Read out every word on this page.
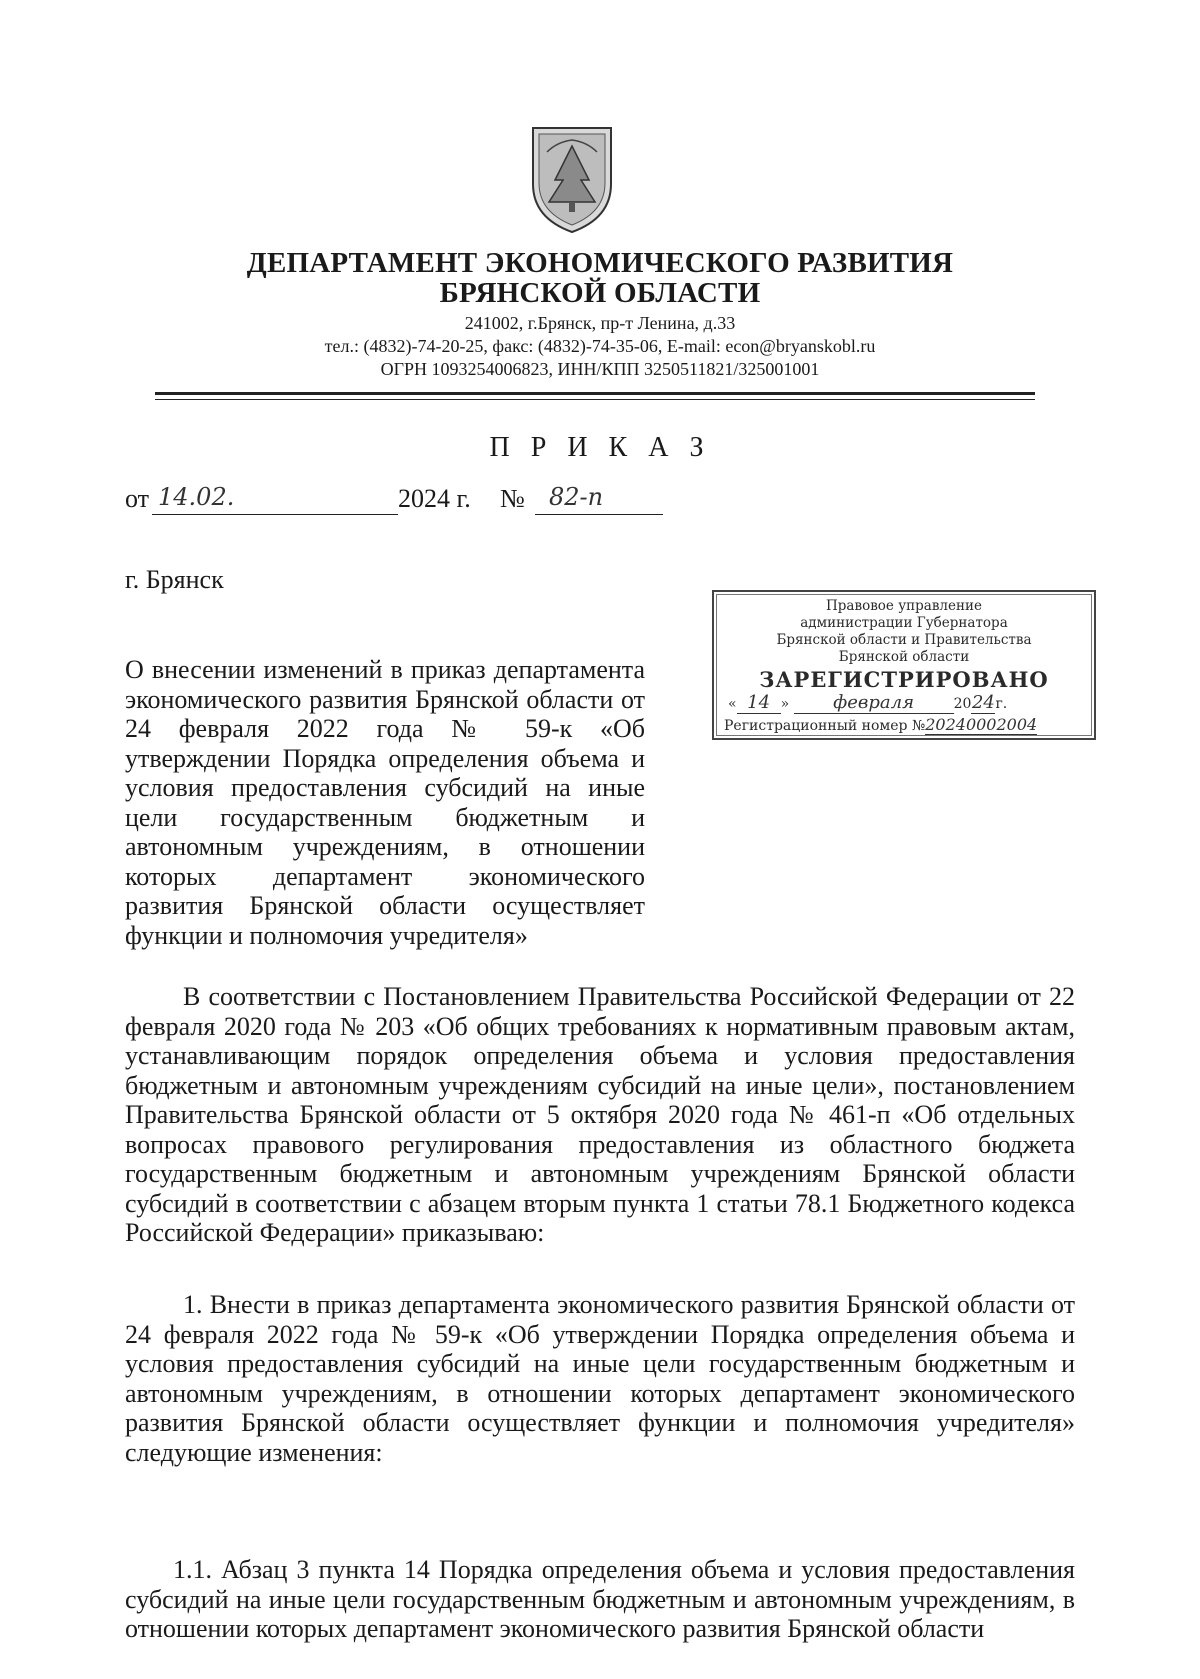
ДЕПАРТАМЕНТ ЭКОНОМИЧЕСКОГО РАЗВИТИЯ
БРЯНСКОЙ ОБЛАСТИ
241002, г.Брянск, пр-т Ленина, д.33
тел.: (4832)-74-20-25, факс: (4832)-74-35-06, E-mail: econ@bryanskobl.ru
ОГРН 1093254006823, ИНН/КПП 3250511821/325001001
П Р И К А З
от 14.02.	2024 г. № 82-п
г. Брянск
Правовое управление
администрации Губернатора
Брянской области и Правительства
Брянской области
ЗАРЕГИСТРИРОВАНО
« 14 » февраля	2024г.
Регистрационный номер №20240002004
О внесении изменений в приказ департамента экономического развития Брянской области от 24 февраля 2022 года № 59-к «Об утверждении Порядка определения объема и условия предоставления субсидий на иные цели государственным бюджетным и автономным учреждениям, в отношении которых департамент экономического развития Брянской области осуществляет функции и полномочия учредителя»
В соответствии с Постановлением Правительства Российской Федерации от 22 февраля 2020 года № 203 «Об общих требованиях к нормативным правовым актам, устанавливающим порядок определения объема и условия предоставления бюджетным и автономным учреждениям субсидий на иные цели», постановлением Правительства Брянской области от 5 октября 2020 года № 461-п «Об отдельных вопросах правового регулирования предоставления из областного бюджета государственным бюджетным и автономным учреждениям Брянской области субсидий в соответствии с абзацем вторым пункта 1 статьи 78.1 Бюджетного кодекса Российской Федерации» приказываю:
1. Внести в приказ департамента экономического развития Брянской области от 24 февраля 2022 года № 59-к «Об утверждении Порядка определения объема и условия предоставления субсидий на иные цели государственным бюджетным и автономным учреждениям, в отношении которых департамент экономического развития Брянской области осуществляет функции и полномочия учредителя» следующие изменения:
1.1. Абзац 3 пункта 14 Порядка определения объема и условия предоставления субсидий на иные цели государственным бюджетным и автономным учреждениям, в отношении которых департамент экономического развития Брянской области
